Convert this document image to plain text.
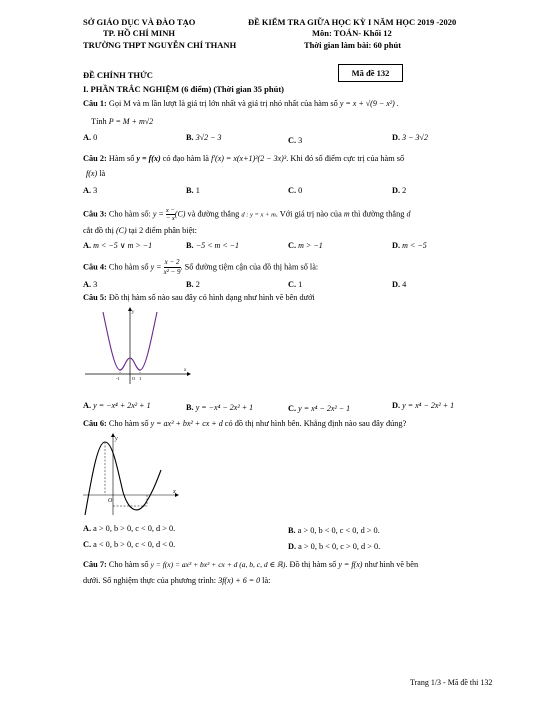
SỞ GIÁO DỤC VÀ ĐÀO TẠO
TP. HỒ CHÍ MINH
TRƯỜNG THPT NGUYỄN CHÍ THANH
ĐỀ KIỂM TRA GIỮA HỌC KỲ I NĂM HỌC 2019 -2020
Môn: TOÁN- Khối 12
Thời gian làm bài: 60 phút
ĐỀ CHÍNH THỨC	Mã đề 132
I. PHẦN TRẮC NGHIỆM (6 điểm) (Thời gian 35 phút)
Câu 1: Gọi M và m lần lượt là giá trị lớn nhất và giá trị nhỏ nhất của hàm số y = x + √(9 − x²) .
Tính P = M + m√2
A. 0	B. 3√2 − 3	C. 3	D. 3 − 3√2
Câu 2: Hàm số y = f(x) có đạo hàm là f′(x) = x(x+1)²(2 − 3x)³. Khi đó số điểm cực trị của hàm số
f(x) là
A. 3	B. 1	C. 0	D. 2
Câu 3: Cho hàm số: $y = \frac{x -}{- x} (C)$ và đường thẳng d : y = x + m. Với giá trị nào của m thì đường thẳng d
cắt đồ thị (C) tại 2 điểm phân biệt:
A. m < −5 ∨ m > −1	B. −5 < m < −1	C. m > −1	D. m < −5
Câu 4: Cho hàm số $y = \frac{x - 2}{\text{x² − 9}}$ . Số đường tiệm cận của đồ thị hàm số là:
A. 3	B. 2	C. 1	D. 4
Câu 5: Đồ thị hàm số nào sau đây có hình dạng như hình vẽ bên dưới
y
x
O
-1	1
A. y = −x⁴ + 2x² + 1	B. y = −x⁴ − 2x² + 1	C. y = x⁴ − 2x² − 1	D. y = x⁴ − 2x² + 1
Câu 6: Cho hàm số y = ax³ + bx² + cx + d có đồ thị như hình bên. Khẳng định nào sau đây đúng?
y
x
O
A. a > 0, b > 0, c < 0, d > 0.	B. a > 0, b < 0, c < 0, d > 0.
C. a < 0, b > 0, c < 0, d < 0.	D. a > 0, b < 0, c > 0, d > 0.
Câu 7: Cho hàm số y = f(x) = ax³ + bx² + cx + d (a, b, c, d ∈ ℝ). Đồ thị hàm số y = f(x) như hình vẽ bên
dưới. Số nghiệm thực của phương trình: 3f(x) + 6 = 0 là:
Trang 1/3 - Mã đề thi 132
